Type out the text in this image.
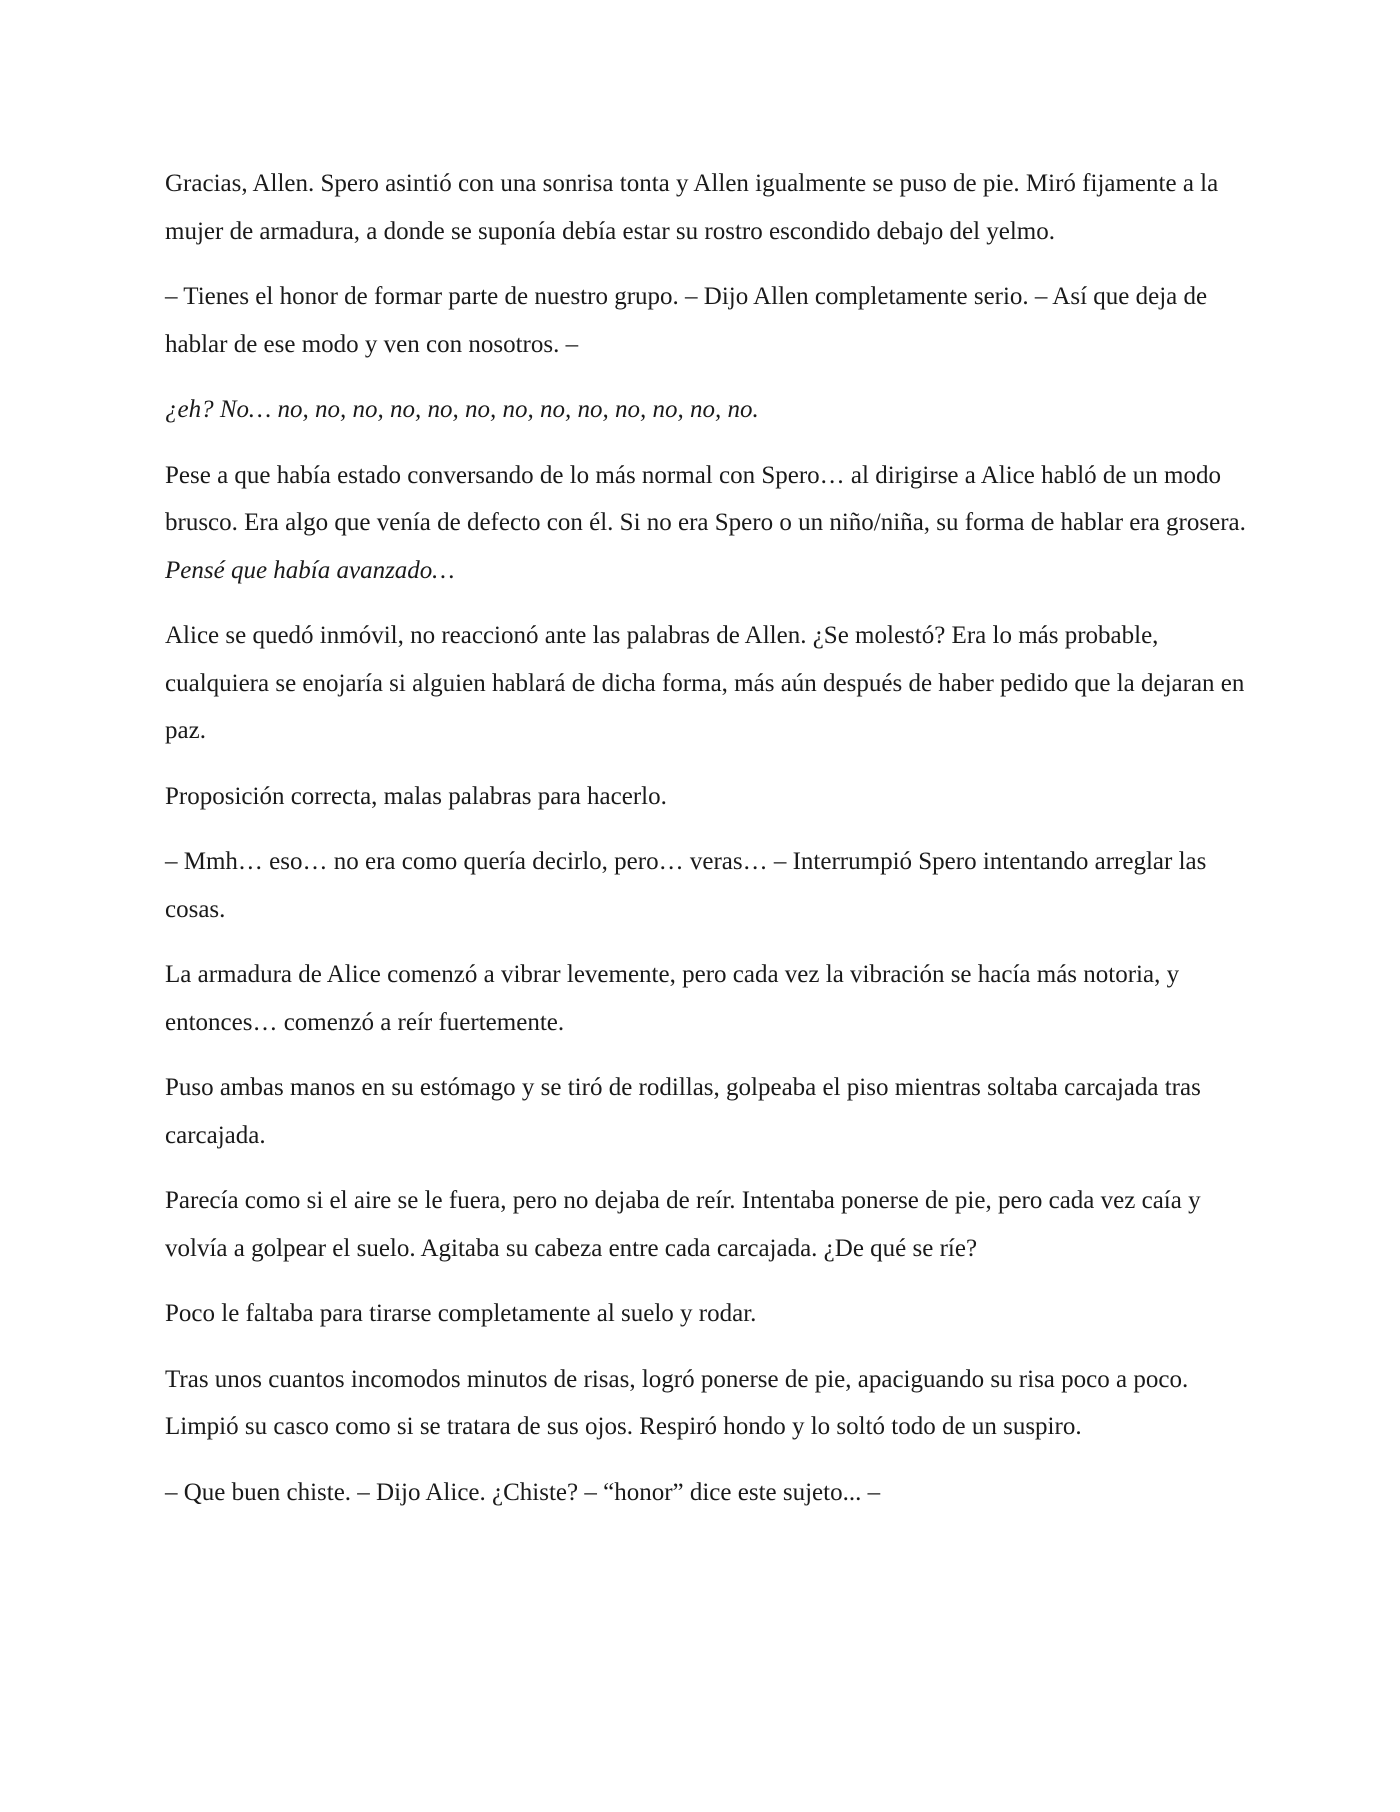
Gracias, Allen. Spero asintió con una sonrisa tonta y Allen igualmente se puso de pie. Miró fijamente a la mujer de armadura, a donde se suponía debía estar su rostro escondido debajo del yelmo.

– Tienes el honor de formar parte de nuestro grupo. – Dijo Allen completamente serio. – Así que deja de hablar de ese modo y ven con nosotros. –

¿eh? No… no, no, no, no, no, no, no, no, no, no, no, no, no.

Pese a que había estado conversando de lo más normal con Spero… al dirigirse a Alice habló de un modo brusco. Era algo que venía de defecto con él. Si no era Spero o un niño/niña, su forma de hablar era grosera. Pensé que había avanzado…

Alice se quedó inmóvil, no reaccionó ante las palabras de Allen. ¿Se molestó? Era lo más probable, cualquiera se enojaría si alguien hablará de dicha forma, más aún después de haber pedido que la dejaran en paz.

Proposición correcta, malas palabras para hacerlo.

– Mmh… eso… no era como quería decirlo, pero… veras… – Interrumpió Spero intentando arreglar las cosas.

La armadura de Alice comenzó a vibrar levemente, pero cada vez la vibración se hacía más notoria, y entonces… comenzó a reír fuertemente.

Puso ambas manos en su estómago y se tiró de rodillas, golpeaba el piso mientras soltaba carcajada tras carcajada.

Parecía como si el aire se le fuera, pero no dejaba de reír. Intentaba ponerse de pie, pero cada vez caía y volvía a golpear el suelo. Agitaba su cabeza entre cada carcajada. ¿De qué se ríe?

Poco le faltaba para tirarse completamente al suelo y rodar.

Tras unos cuantos incomodos minutos de risas, logró ponerse de pie, apaciguando su risa poco a poco. Limpió su casco como si se tratara de sus ojos. Respiró hondo y lo soltó todo de un suspiro.

– Que buen chiste. – Dijo Alice. ¿Chiste? – “honor” dice este sujeto... –
